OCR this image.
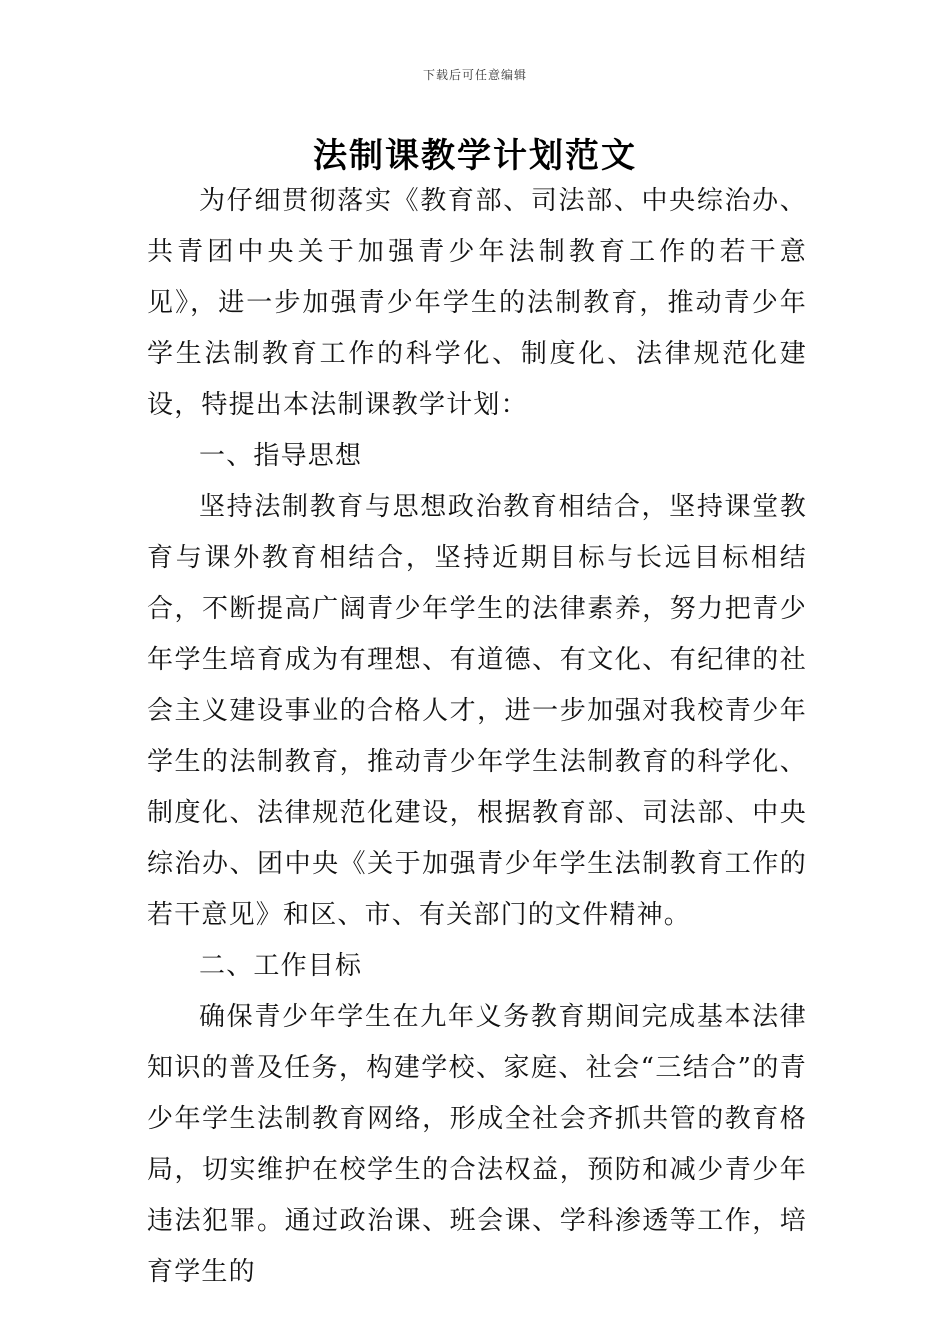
下载后可任意编辑
法制课教学计划范文

为仔细贯彻落实《教育部、司法部、中央综治办、共青团中央关于加强青少年法制教育工作的若干意见》，进一步加强青少年学生的法制教育，推动青少年学生法制教育工作的科学化、制度化、法律规范化建设，特提出本法制课教学计划：

一、指导思想

坚持法制教育与思想政治教育相结合，坚持课堂教育与课外教育相结合，坚持近期目标与长远目标相结合，不断提高广阔青少年学生的法律素养，努力把青少年学生培育成为有理想、有道德、有文化、有纪律的社会主义建设事业的合格人才，进一步加强对我校青少年学生的法制教育，推动青少年学生法制教育的科学化、制度化、法律规范化建设，根据教育部、司法部、中央综治办、团中央《关于加强青少年学生法制教育工作的若干意见》和区、市、有关部门的文件精神。

二、工作目标

确保青少年学生在九年义务教育期间完成基本法律知识的普及任务，构建学校、家庭、社会“三结合”的青少年学生法制教育网络，形成全社会齐抓共管的教育格局，切实维护在校学生的合法权益，预防和减少青少年违法犯罪。通过政治课、班会课、学科渗透等工作，培育学生的
